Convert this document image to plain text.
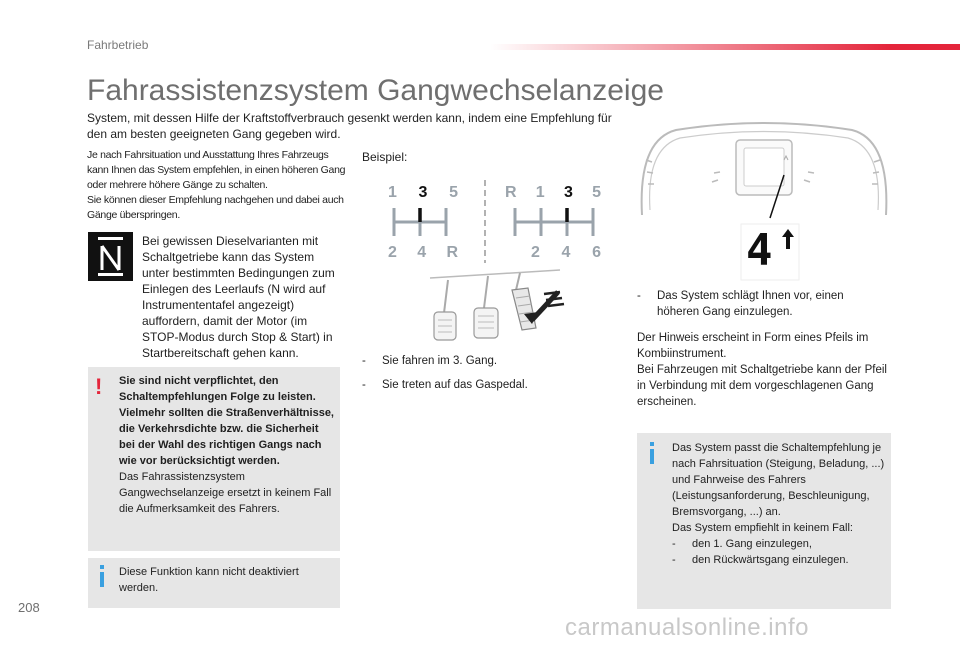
Fahrbetrieb
Fahrassistenzsystem Gangwechselanzeige
System, mit dessen Hilfe der Kraftstoffverbrauch gesenkt werden kann, indem eine Empfehlung für den am besten geeigneten Gang gegeben wird.
Je nach Fahrsituation und Ausstattung Ihres Fahrzeugs kann Ihnen das System empfehlen, in einen höheren Gang oder mehrere höhere Gänge zu schalten.
Sie können dieser Empfehlung nachgehen und dabei auch Gänge überspringen.
Bei gewissen Dieselvarianten mit Schaltgetriebe kann das System unter bestimmten Bedingungen zum Einlegen des Leerlaufs (N wird auf Instrumententafel angezeigt) auffordern, damit der Motor (im STOP-Modus durch Stop & Start) in Startbereitschaft gehen kann.
! Sie sind nicht verpflichtet, den Schaltempfehlungen Folge zu leisten.
Vielmehr sollten die Straßenverhältnisse, die Verkehrsdichte bzw. die Sicherheit bei der Wahl des richtigen Gangs nach wie vor berücksichtigt werden.
Das Fahrassistenzsystem Gangwechselanzeige ersetzt in keinem Fall die Aufmerksamkeit des Fahrers.
Diese Funktion kann nicht deaktiviert werden.
Beispiel:
1 3 5
2 4 R
R 1 3 5
2 4 6
- Sie fahren im 3. Gang.
- Sie treten auf das Gaspedal.
4
- Das System schlägt Ihnen vor, einen höheren Gang einzulegen.
Der Hinweis erscheint in Form eines Pfeils im Kombiinstrument.
Bei Fahrzeugen mit Schaltgetriebe kann der Pfeil in Verbindung mit dem vorgeschlagenen Gang erscheinen.
Das System passt die Schaltempfehlung je nach Fahrsituation (Steigung, Beladung, ...) und Fahrweise des Fahrers (Leistungsanforderung, Beschleunigung, Bremsvorgang, ...) an.
Das System empfiehlt in keinem Fall:
- den 1. Gang einzulegen,
- den Rückwärtsgang einzulegen.
208
carmanualsonline.info
